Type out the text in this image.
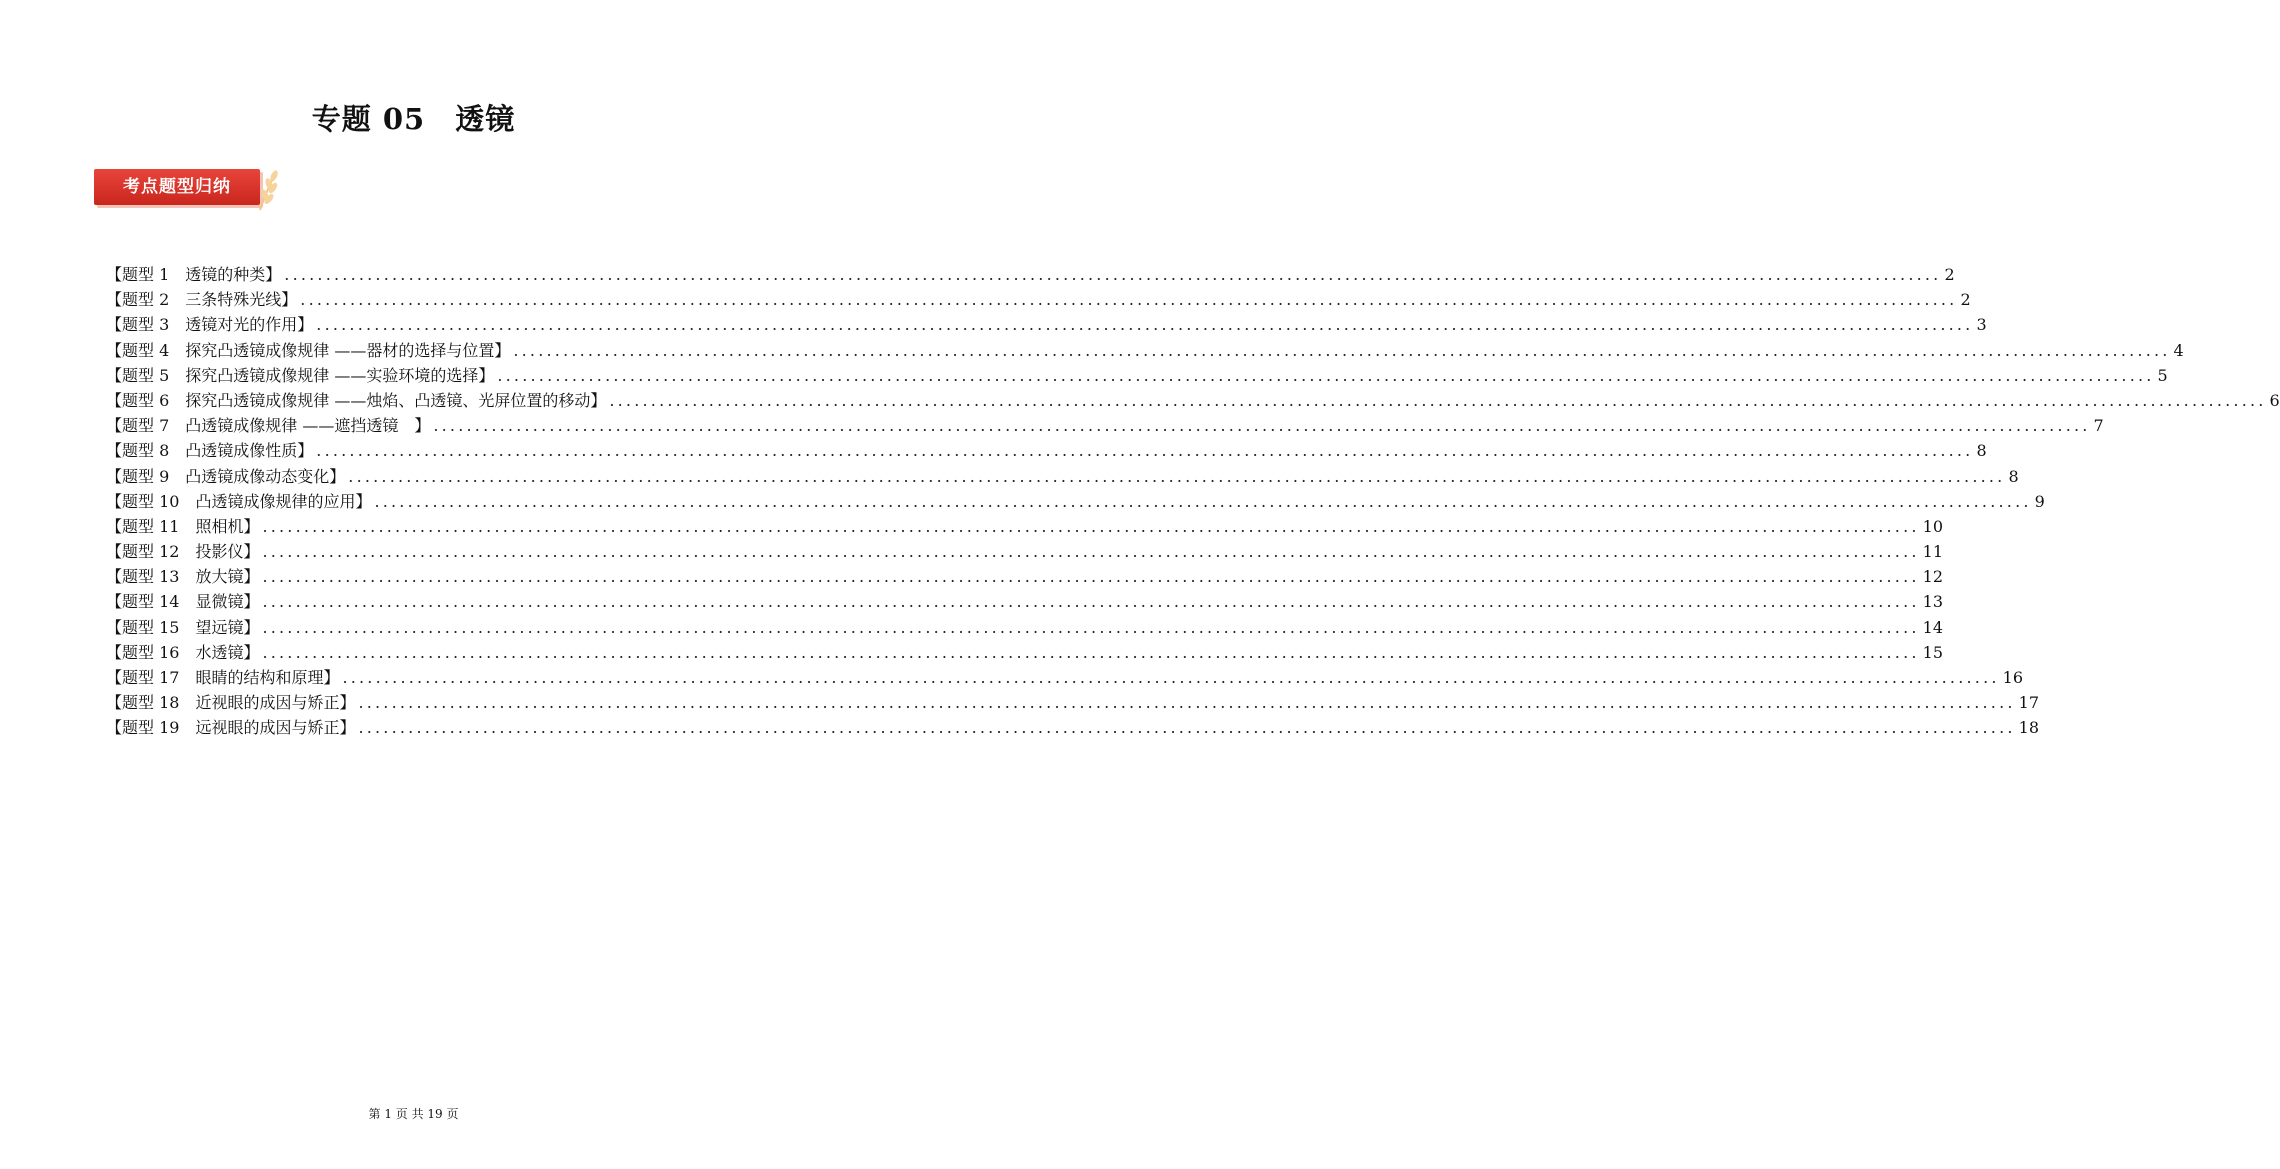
专题 05　透镜
考点题型归纳
【题型 1　透镜的种类】 ........................................................................................................................................................................................................ 2
【题型 2　三条特殊光线】 ........................................................................................................................................................................................................ 2
【题型 3　透镜对光的作用】 ........................................................................................................................................................................................................ 3
【题型 4　探究凸透镜成像规律 ——器材的选择与位置】 ........................................................................................................................................................................................................ 4
【题型 5　探究凸透镜成像规律 ——实验环境的选择】 ........................................................................................................................................................................................................ 5
【题型 6　探究凸透镜成像规律 ——烛焰、凸透镜、光屏位置的移动】 ........................................................................................................................................................................................................ 6
【题型 7　凸透镜成像规律 ——遮挡透镜　】 ........................................................................................................................................................................................................ 7
【题型 8　凸透镜成像性质】 ........................................................................................................................................................................................................ 8
【题型 9　凸透镜成像动态变化】 ........................................................................................................................................................................................................ 8
【题型 10　凸透镜成像规律的应用】 ........................................................................................................................................................................................................ 9
【题型 11　照相机】 ........................................................................................................................................................................................................ 10
【题型 12　投影仪】 ........................................................................................................................................................................................................ 11
【题型 13　放大镜】 ........................................................................................................................................................................................................ 12
【题型 14　显微镜】 ........................................................................................................................................................................................................ 13
【题型 15　望远镜】 ........................................................................................................................................................................................................ 14
【题型 16　水透镜】 ........................................................................................................................................................................................................ 15
【题型 17　眼睛的结构和原理】 ........................................................................................................................................................................................................ 16
【题型 18　近视眼的成因与矫正】 ........................................................................................................................................................................................................ 17
【题型 19　远视眼的成因与矫正】 ........................................................................................................................................................................................................ 18
第 1 页 共 19 页
